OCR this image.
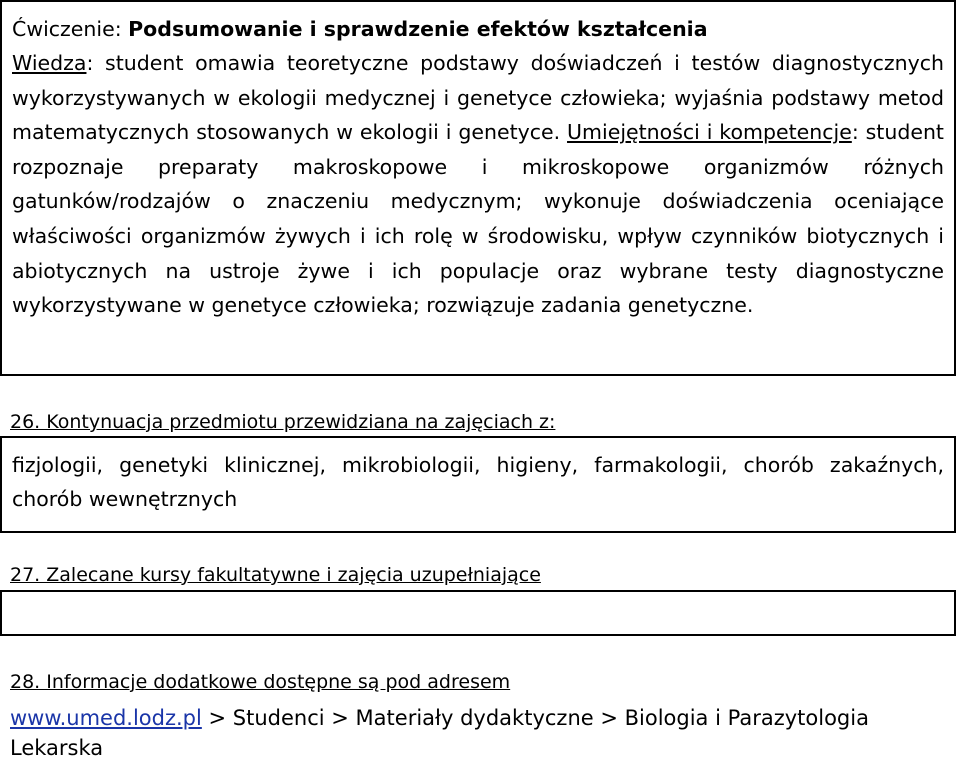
Ćwiczenie: Podsumowanie i sprawdzenie efektów kształcenia

Wiedza: student omawia teoretyczne podstawy doświadczeń i testów diagnostycznych wykorzystywanych w ekologii medycznej i genetyce człowieka; wyjaśnia podstawy metod matematycznych stosowanych w ekologii i genetyce. Umiejętności i kompetencje: student rozpoznaje preparaty makroskopowe i mikroskopowe organizmów różnych gatunków/rodzajów o znaczeniu medycznym; wykonuje doświadczenia oceniające właściwości organizmów żywych i ich rolę w środowisku, wpływ czynników biotycznych i abiotycznych na ustroje żywe i ich populacje oraz wybrane testy diagnostyczne wykorzystywane w genetyce człowieka; rozwiązuje zadania genetyczne.

26. Kontynuacja przedmiotu przewidziana na zajęciach z:

fizjologii, genetyki klinicznej, mikrobiologii, higieny, farmakologii, chorób zakaźnych, chorób wewnętrznych

27. Zalecane kursy fakultatywne i zajęcia uzupełniające

28. Informacje dodatkowe dostępne są pod adresem

www.umed.lodz.pl > Studenci > Materiały dydaktyczne > Biologia i Parazytologia Lekarska
